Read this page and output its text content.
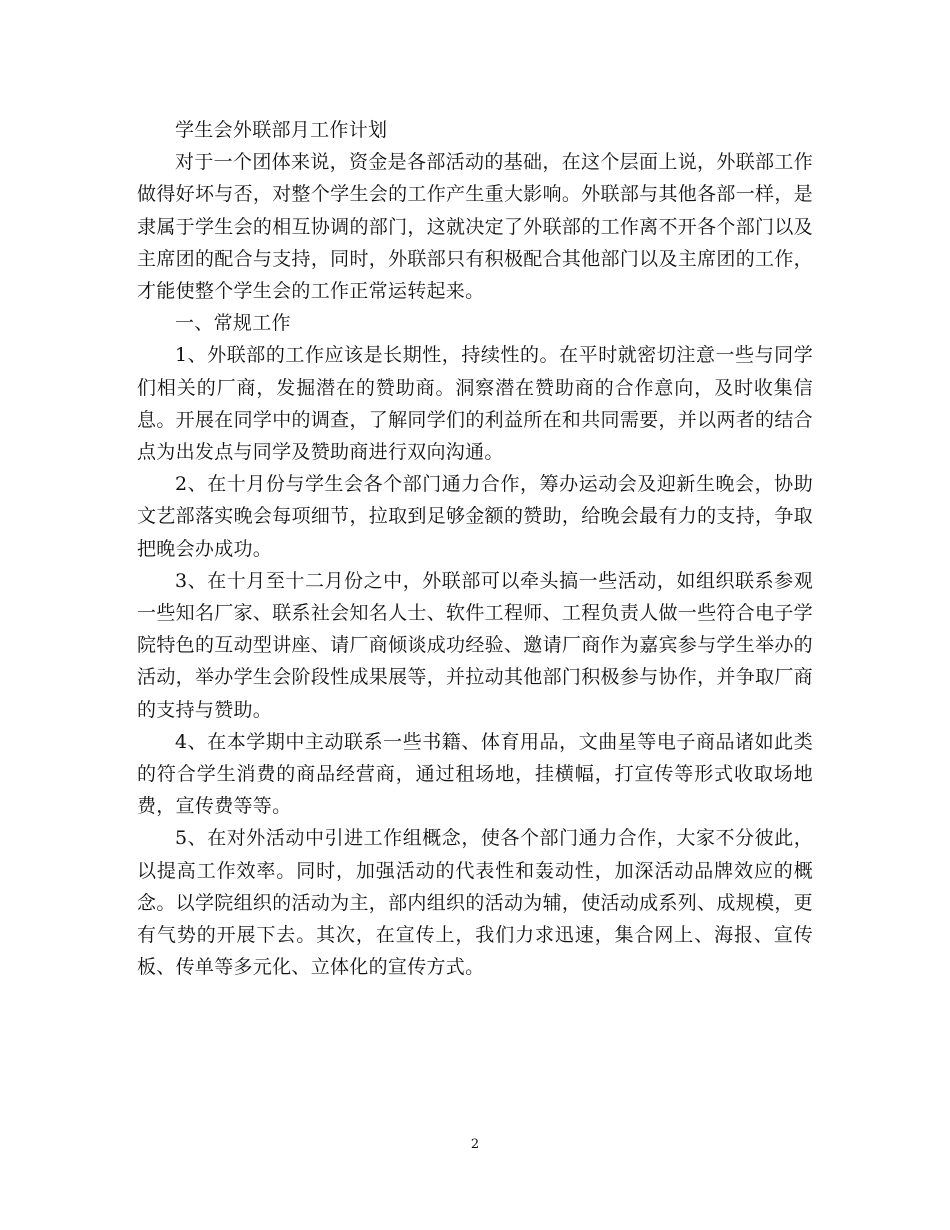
学生会外联部月工作计划

对于一个团体来说，资金是各部活动的基础，在这个层面上说，外联部工作做得好坏与否，对整个学生会的工作产生重大影响。外联部与其他各部一样，是隶属于学生会的相互协调的部门，这就决定了外联部的工作离不开各个部门以及主席团的配合与支持，同时，外联部只有积极配合其他部门以及主席团的工作，才能使整个学生会的工作正常运转起来。

一、常规工作

1、外联部的工作应该是长期性，持续性的。在平时就密切注意一些与同学们相关的厂商，发掘潜在的赞助商。洞察潜在赞助商的合作意向，及时收集信息。开展在同学中的调查，了解同学们的利益所在和共同需要，并以两者的结合点为出发点与同学及赞助商进行双向沟通。

2、在十月份与学生会各个部门通力合作，筹办运动会及迎新生晚会，协助文艺部落实晚会每项细节，拉取到足够金额的赞助，给晚会最有力的支持，争取把晚会办成功。

3、在十月至十二月份之中，外联部可以牵头搞一些活动，如组织联系参观一些知名厂家、联系社会知名人士、软件工程师、工程负责人做一些符合电子学院特色的互动型讲座、请厂商倾谈成功经验、邀请厂商作为嘉宾参与学生举办的活动，举办学生会阶段性成果展等，并拉动其他部门积极参与协作，并争取厂商的支持与赞助。

4、在本学期中主动联系一些书籍、体育用品，文曲星等电子商品诸如此类的符合学生消费的商品经营商，通过租场地，挂横幅，打宣传等形式收取场地费，宣传费等等。

5、在对外活动中引进工作组概念，使各个部门通力合作，大家不分彼此，以提高工作效率。同时，加强活动的代表性和轰动性，加深活动品牌效应的概念。以学院组织的活动为主，部内组织的活动为辅，使活动成系列、成规模，更有气势的开展下去。其次，在宣传上，我们力求迅速，集合网上、海报、宣传板、传单等多元化、立体化的宣传方式。

2
